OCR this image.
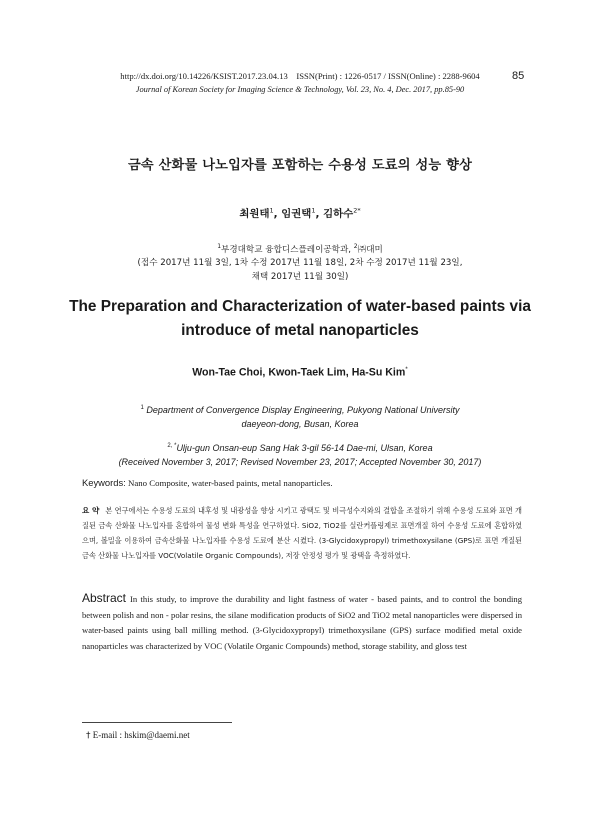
http://dx.doi.org/10.14226/KSIST.2017.23.04.13    ISSN(Print) : 1226-0517 / ISSN(Online) : 2288-9604	85
Journal of Korean Society for Imaging Science & Technology, Vol. 23, No. 4, Dec. 2017, pp.85-90
금속 산화물 나노입자를 포함하는 수용성 도료의 성능 향상
최원태$^1$, 임권택$^1$, 김하수$^{2*}$
$^1$부경대학교 융합디스플레이공학과, $^2$㈜대미
(접수 2017년 11월 3일, 1차 수정 2017년 11월 18일, 2차 수정 2017년 11월 23일,
채택 2017년 11월 30일)
The Preparation and Characterization of water-based paints via
introduce of metal nanoparticles
Won-Tae Choi, Kwon-Taek Lim, Ha-Su Kim*
$^1$ Department of Convergence Display Engineering, Pukyong National University
daeyeon-dong, Busan, Korea
$^{2, *}$Ulju-gun Onsan-eup Sang Hak 3-gil 56-14 Dae-mi, Ulsan, Korea
(Received November 3, 2017; Revised November 23, 2017; Accepted November 30, 2017)
Keywords: Nano Composite, water-based paints, metal nanoparticles.
요 약 본 연구에서는 수용성 도료의 내후성 및 내광성을 향상 시키고 광택도 및 비극성수지와의 결합을 조절하기 위해 수용성 도료와 표면 개질된 금속 산화물 나노입자를 혼합하여 물성 변화 특성을 연구하였다. SiO2, TiO2를 실란커플링제로 표면개질 하여 수용성 도료에 혼합하였으며, 볼밀을 이용하여 금속산화물 나노입자를 수용성 도료에 분산 시켰다. (3-Glycidoxypropyl) trimethoxysilane (GPS)로 표면 개질된 금속 산화물 나노입자를 VOC(Volatile Organic Compounds), 저장 안정성 평가 및 광택을 측정하였다.
Abstract In this study, to improve the durability and light fastness of water - based paints, and to control the bonding between polish and non - polar resins, the silane modification products of SiO2 and TiO2 metal nanoparticles were dispersed in water-based paints using ball milling method. (3-Glycidoxypropyl) trimethoxysilane (GPS) surface modified metal oxide nanoparticles was characterized by VOC (Volatile Organic Compounds) method, storage stability, and gloss test
† E-mail : hskim@daemi.net
